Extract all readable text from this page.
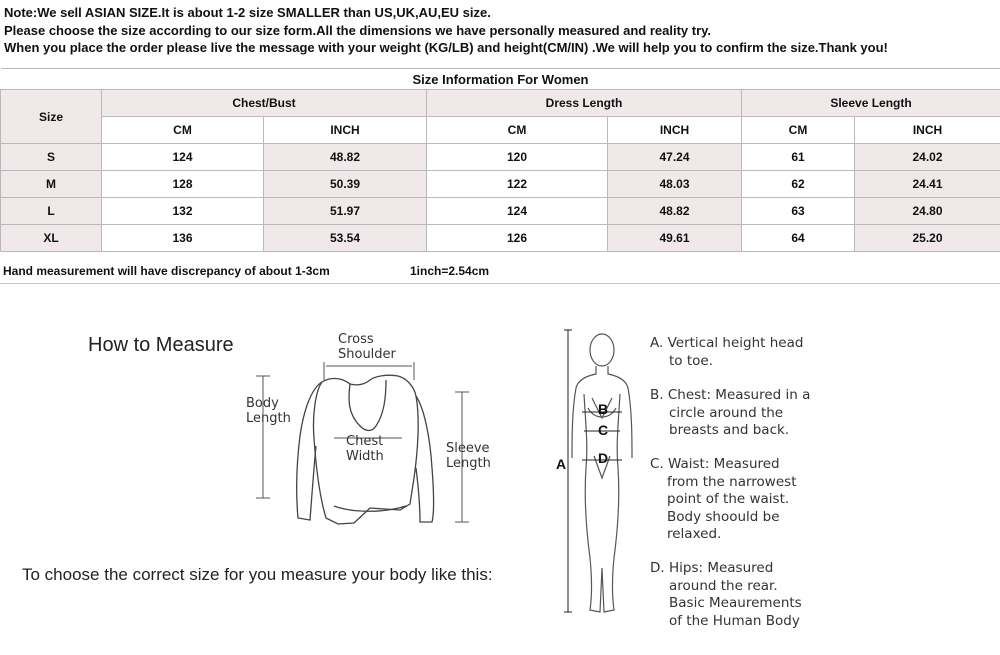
Note:We sell ASIAN SIZE.It is about 1-2 size SMALLER than US,UK,AU,EU size.
Please choose the size according to our size form.All the dimensions we have personally measured and reality try.
When you place the order please live the message with your weight (KG/LB) and height(CM/IN) .We will help you to confirm the size.Thank you!
Size Information For Women						
Size	Chest/Bust		Dress Length		Sleeve Length	
	CM	INCH	CM	INCH	CM	INCH
S	124	48.82	120	47.24	61	24.02
M	128	50.39	122	48.03	62	24.41
L	132	51.97	124	48.82	63	24.80
XL	136	53.54	126	49.61	64	25.20
Hand measurement will have discrepancy of about 1-3cm	1inch=2.54cm
How to Measure
To choose the correct size for you measure your body like this:
Cross
Shoulder
Body
Length
Chest
Width
Sleeve
Length	A
B
C
D
A. Vertical height head
to toe.
B. Chest: Measured in a
circle around the
breasts and back.
C. Waist: Measured
from the narrowest
point of the waist.
Body shoould be
relaxed.
D. Hips: Measured
around the rear.
Basic Meaurements
of the Human Body
